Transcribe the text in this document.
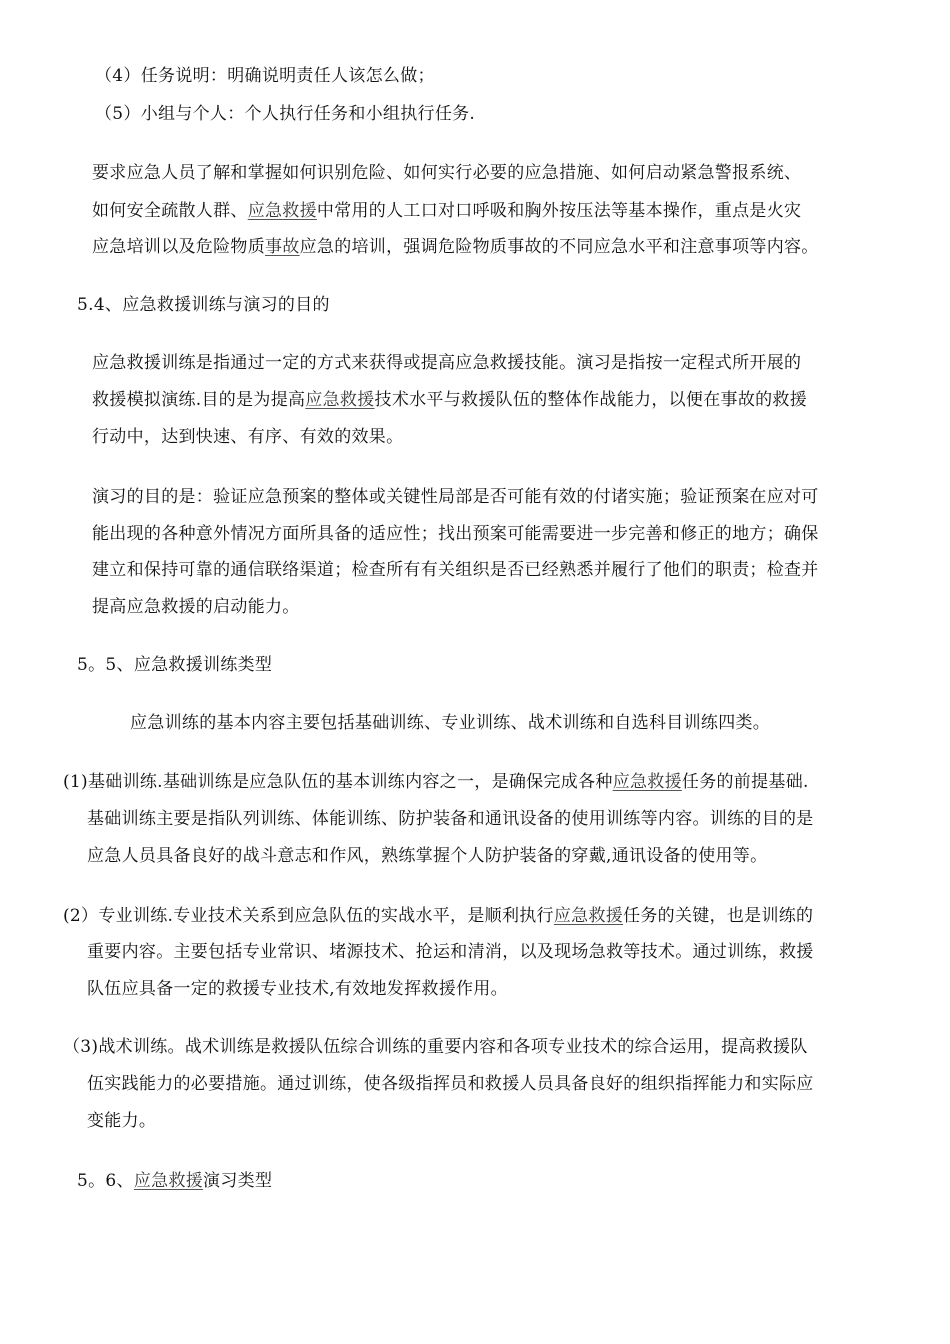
（4）任务说明：明确说明责任人该怎么做；
（5）小组与个人：个人执行任务和小组执行任务.
要求应急人员了解和掌握如何识别危险、如何实行必要的应急措施、如何启动紧急警报系统、
如何安全疏散人群、应急救援中常用的人工口对口呼吸和胸外按压法等基本操作，重点是火灾
应急培训以及危险物质事故应急的培训，强调危险物质事故的不同应急水平和注意事项等内容。
5.4、应急救援训练与演习的目的
应急救援训练是指通过一定的方式来获得或提高应急救援技能。演习是指按一定程式所开展的
救援模拟演练.目的是为提高应急救援技术水平与救援队伍的整体作战能力，以便在事故的救援
行动中，达到快速、有序、有效的效果。
演习的目的是：验证应急预案的整体或关键性局部是否可能有效的付诸实施；验证预案在应对可
能出现的各种意外情况方面所具备的适应性；找出预案可能需要进一步完善和修正的地方；确保
建立和保持可靠的通信联络渠道；检查所有有关组织是否已经熟悉并履行了他们的职责；检查并
提高应急救援的启动能力。
5。5、应急救援训练类型
应急训练的基本内容主要包括基础训练、专业训练、战术训练和自选科目训练四类。
(1)基础训练.基础训练是应急队伍的基本训练内容之一，是确保完成各种应急救援任务的前提基础.
基础训练主要是指队列训练、体能训练、防护装备和通讯设备的使用训练等内容。训练的目的是
应急人员具备良好的战斗意志和作风，熟练掌握个人防护装备的穿戴,通讯设备的使用等。
(2）专业训练.专业技术关系到应急队伍的实战水平，是顺利执行应急救援任务的关键，也是训练的
重要内容。主要包括专业常识、堵源技术、抢运和清消，以及现场急救等技术。通过训练，救援
队伍应具备一定的救援专业技术,有效地发挥救援作用。
（3)战术训练。战术训练是救援队伍综合训练的重要内容和各项专业技术的综合运用，提高救援队
伍实践能力的必要措施。通过训练，使各级指挥员和救援人员具备良好的组织指挥能力和实际应
变能力。
5。6、应急救援演习类型
